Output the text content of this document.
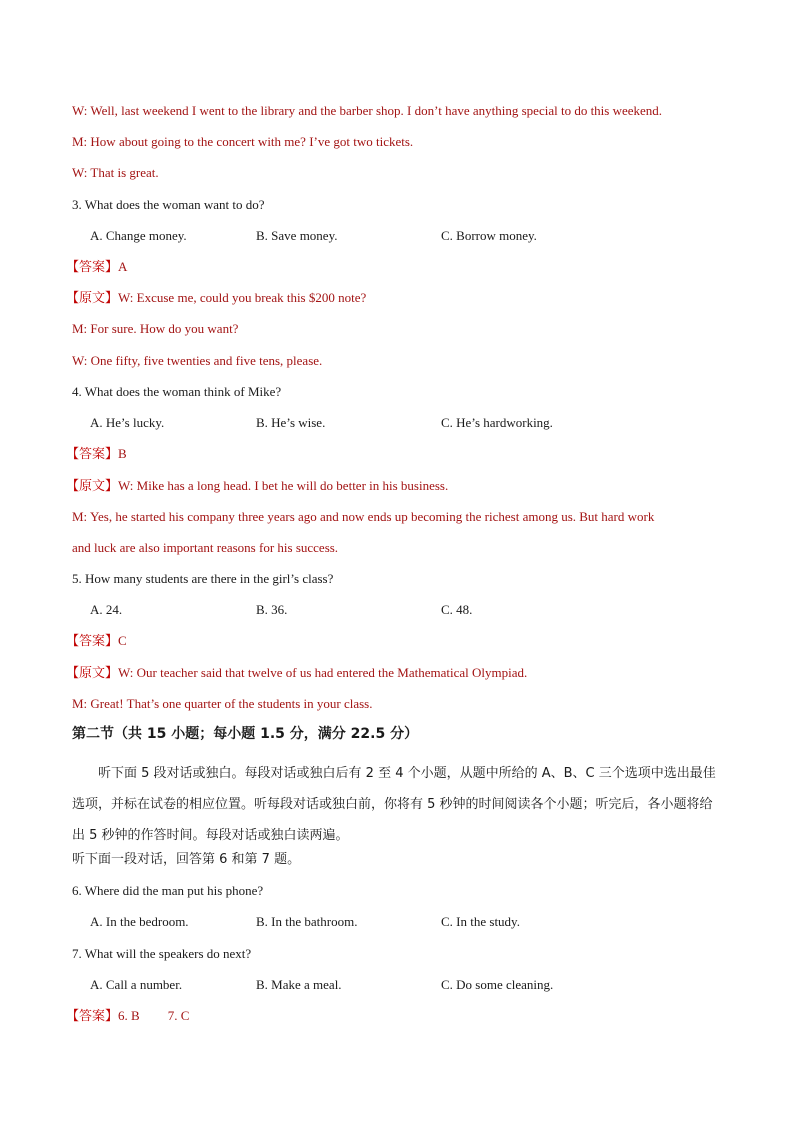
W: Well, last weekend I went to the library and the barber shop. I don’t have anything special to do this weekend.
M: How about going to the concert with me? I’ve got two tickets.
W: That is great.
3. What does the woman want to do?
A. Change money.	B. Save money.	C. Borrow money.
【答案】A
【原文】W: Excuse me, could you break this $200 note?
M: For sure. How do you want?
W: One fifty, five twenties and five tens, please.
4. What does the woman think of Mike?
A. He’s lucky.	B. He’s wise.	C. He’s hardworking.
【答案】B
【原文】W: Mike has a long head. I bet he will do better in his business.
M: Yes, he started his company three years ago and now ends up becoming the richest among us. But hard work
and luck are also important reasons for his success.
5. How many students are there in the girl’s class?
A. 24.	B. 36.	C. 48.
【答案】C
【原文】W: Our teacher said that twelve of us had entered the Mathematical Olympiad.
M: Great! That’s one quarter of the students in your class.
第二节（共 15 小题；每小题 1.5 分，满分 22.5 分）
听下面 5 段对话或独白。每段对话或独白后有 2 至 4 个小题，从题中所给的 A、B、C 三个选项中选出最佳选项，并标在试卷的相应位置。听每段对话或独白前，你将有 5 秒钟的时间阅读各个小题；听完后，各小题将给出 5 秒钟的作答时间。每段对话或独白读两遍。
听下面一段对话，回答第 6 和第 7 题。
6. Where did the man put his phone?
A. In the bedroom.	B. In the bathroom.	C. In the study.
7. What will the speakers do next?
A. Call a number.	B. Make a meal.	C. Do some cleaning.
【答案】6. B 7. C
